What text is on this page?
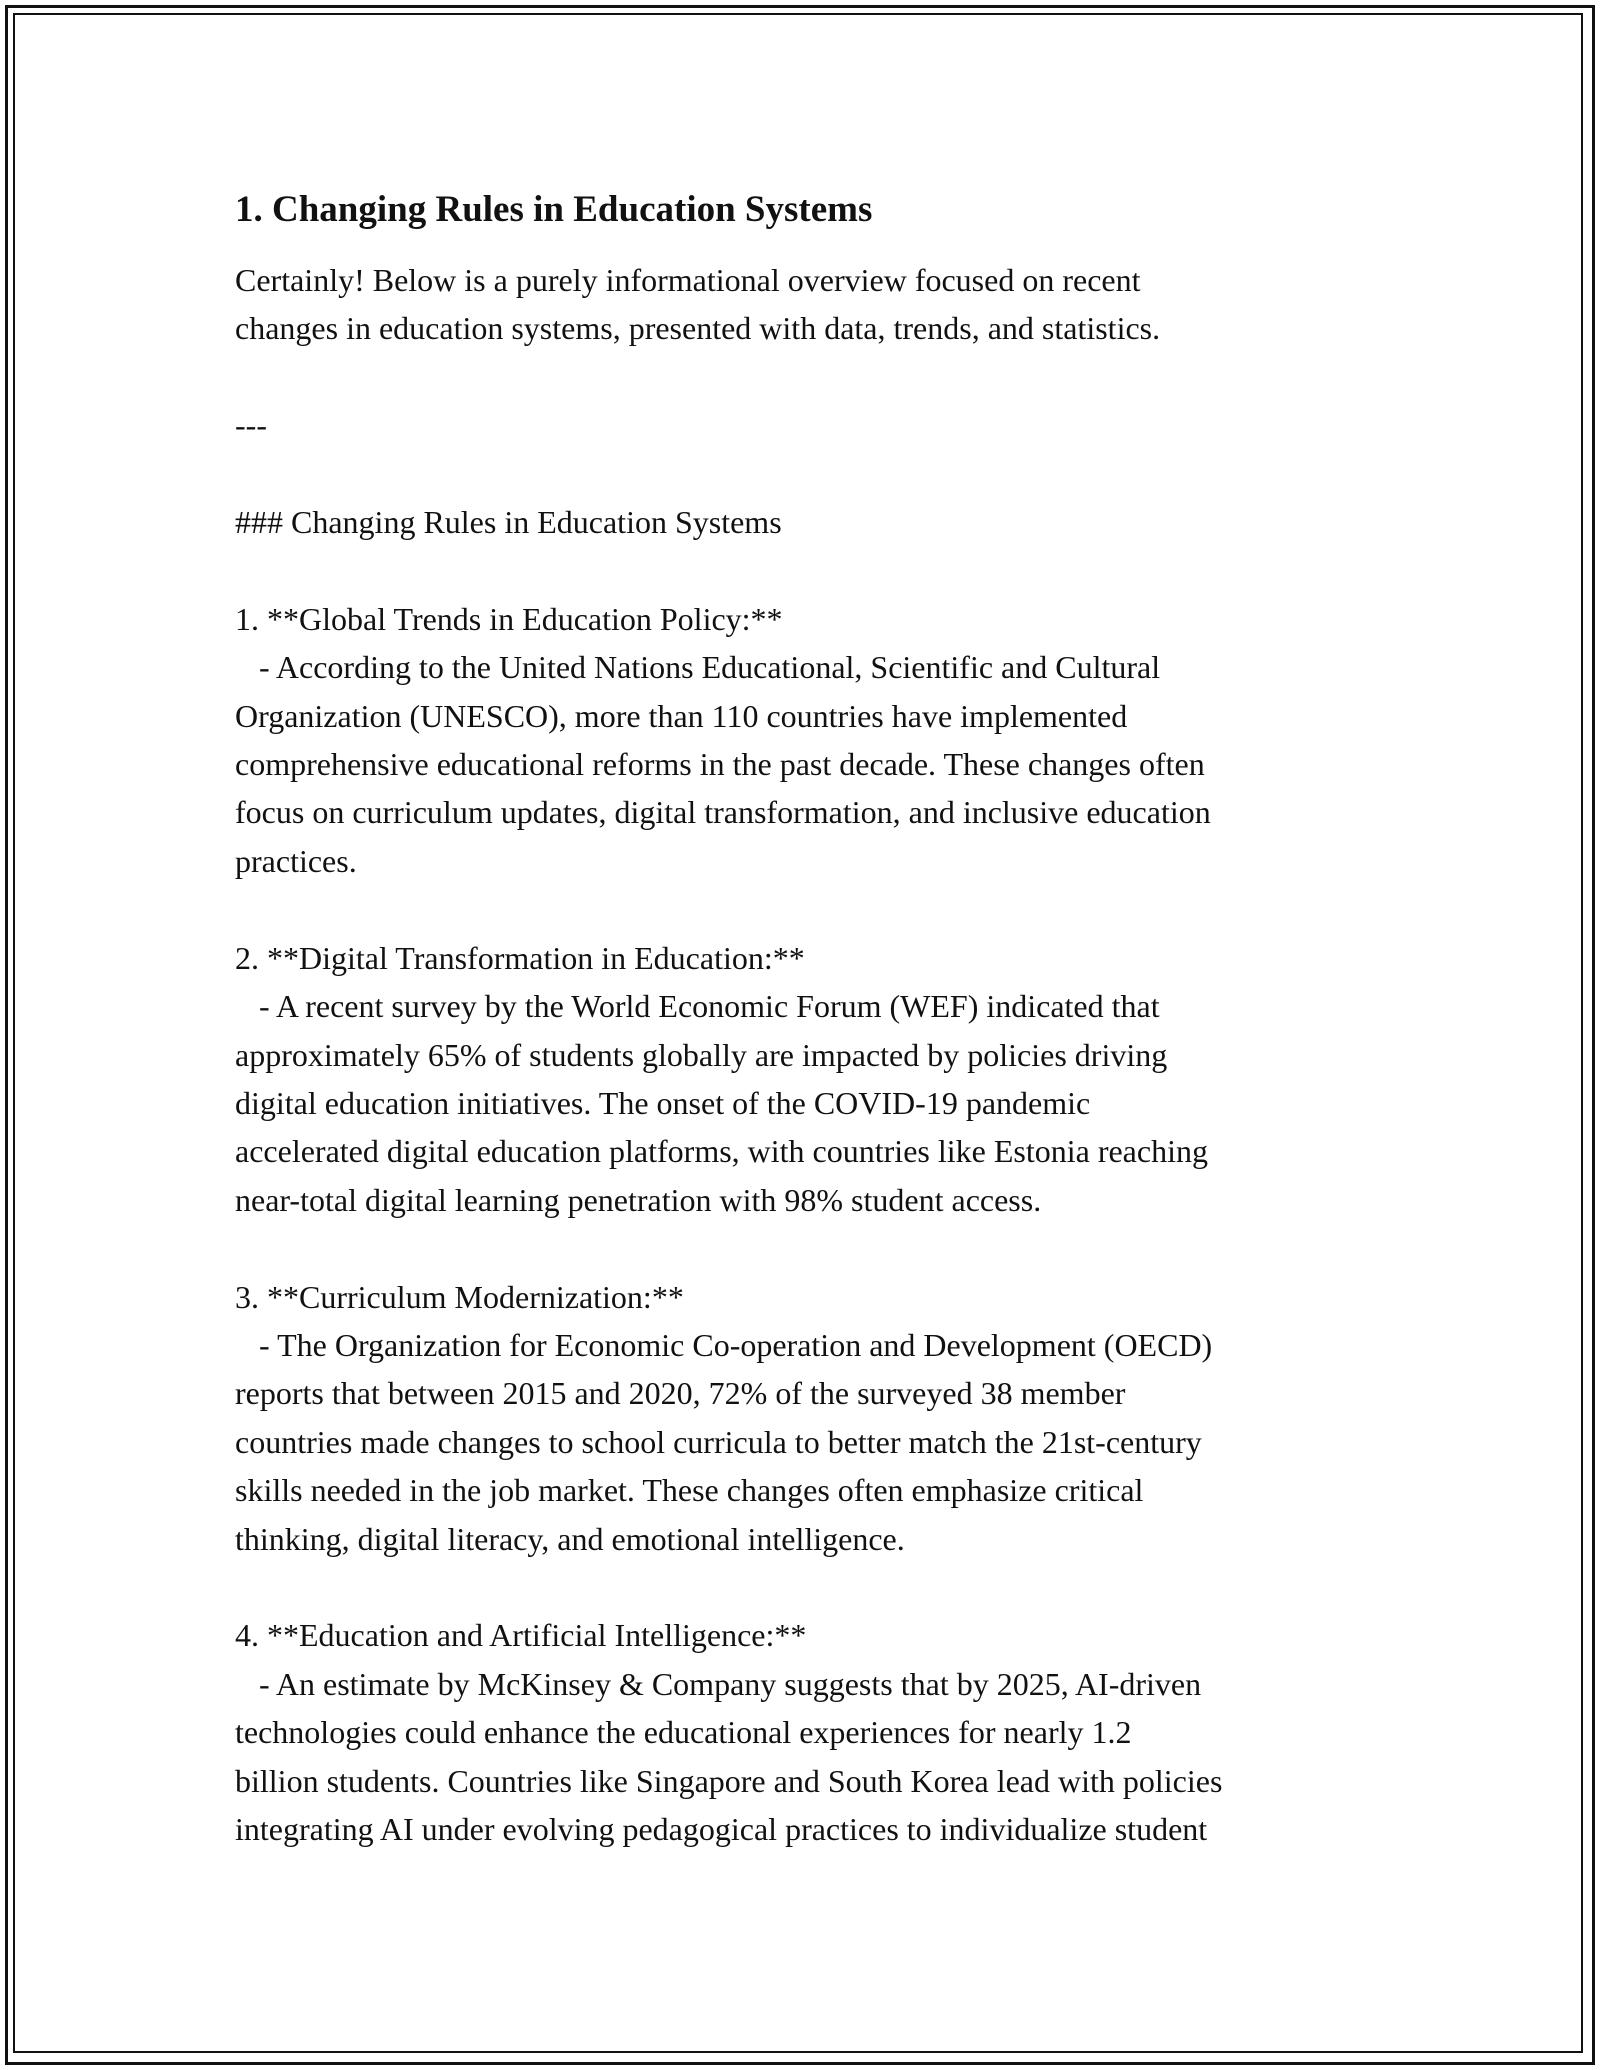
1. Changing Rules in Education Systems

Certainly! Below is a purely informational overview focused on recent
changes in education systems, presented with data, trends, and statistics.

---

### Changing Rules in Education Systems

1. **Global Trends in Education Policy:**
- According to the United Nations Educational, Scientific and Cultural
Organization (UNESCO), more than 110 countries have implemented
comprehensive educational reforms in the past decade. These changes often
focus on curriculum updates, digital transformation, and inclusive education
practices.

2. **Digital Transformation in Education:**
- A recent survey by the World Economic Forum (WEF) indicated that
approximately 65% of students globally are impacted by policies driving
digital education initiatives. The onset of the COVID-19 pandemic
accelerated digital education platforms, with countries like Estonia reaching
near-total digital learning penetration with 98% student access.

3. **Curriculum Modernization:**
- The Organization for Economic Co-operation and Development (OECD)
reports that between 2015 and 2020, 72% of the surveyed 38 member
countries made changes to school curricula to better match the 21st-century
skills needed in the job market. These changes often emphasize critical
thinking, digital literacy, and emotional intelligence.

4. **Education and Artificial Intelligence:**
- An estimate by McKinsey & Company suggests that by 2025, AI-driven
technologies could enhance the educational experiences for nearly 1.2
billion students. Countries like Singapore and South Korea lead with policies
integrating AI under evolving pedagogical practices to individualize student
